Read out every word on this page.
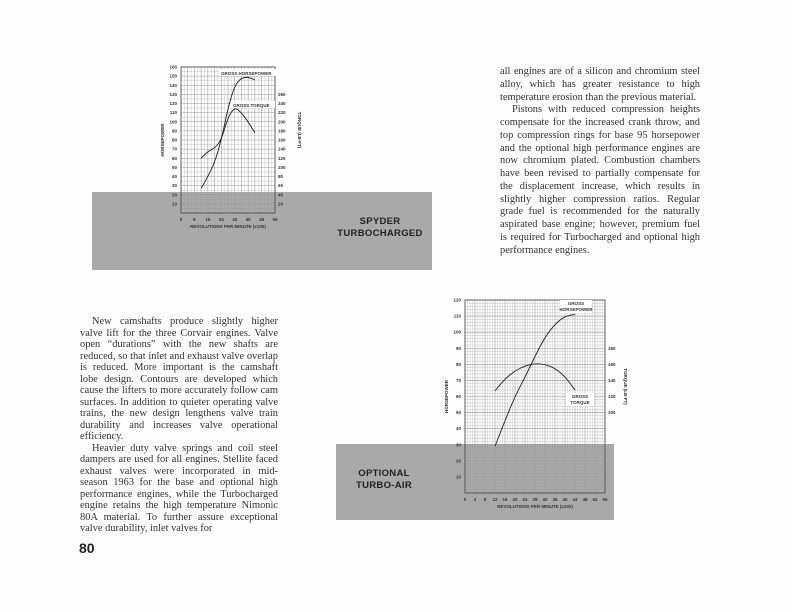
0 8 16 24 32 40 48 56
10
20
30
40
50
60
70
80
90
100
110
120
130
140
150
160
20
40
60
80
100
120
140
160
180
200
220
240
260
REVOLUTIONS PER MINUTE (x100)
HORSEPOWER	TORQUE (LB-FT)
GROSS HORSEPOWER
GROSS TORQUE
0 4 8 12 16 20 24 28 32 36 40 44 48 52 56
10
20
30
40
50
60
70
80
90
100
110
120
100
120
140
160
180
REVOLUTIONS PER MINUTE (x100)
HORSEPOWER	TORQUE (LB-FT)
GROSS
HORSEPOWER
GROSS
TORQUE
SPYDER
TURBOCHARGED
OPTIONAL
TURBO-AIR

all engines are of a silicon and chromium steel alloy, which has greater resistance to high temperature erosion than the previous material.

Pistons with reduced compression heights compensate for the increased crank throw, and top compression rings for base 95 horsepower and the optional high performance engines are now chromium plated. Combustion chambers have been revised to partially compensate for the displacement increase, which results in slightly higher compression ratios. Regular grade fuel is recommended for the naturally aspirated base engine; however, premium fuel is required for Turbocharged and optional high performance engines.

New camshafts produce slightly higher valve lift for the three Corvair engines. Valve open “durations” with the new shafts are reduced, so that inlet and exhaust valve overlap is reduced. More important is the camshaft lobe design. Contours are developed which cause the lifters to more accurately follow cam surfaces. In addition to quieter operating valve trains, the new design lengthens valve train durability and increases valve operational efficiency.

Heavier duty valve springs and coil steel dampers are used for all engines. Stellite faced exhaust valves were incorporated in mid-season 1963 for the base and optional high performance engines, while the Turbocharged engine retains the high temperature Nimonic 80A material. To further assure exceptional valve durability, inlet valves for

80
